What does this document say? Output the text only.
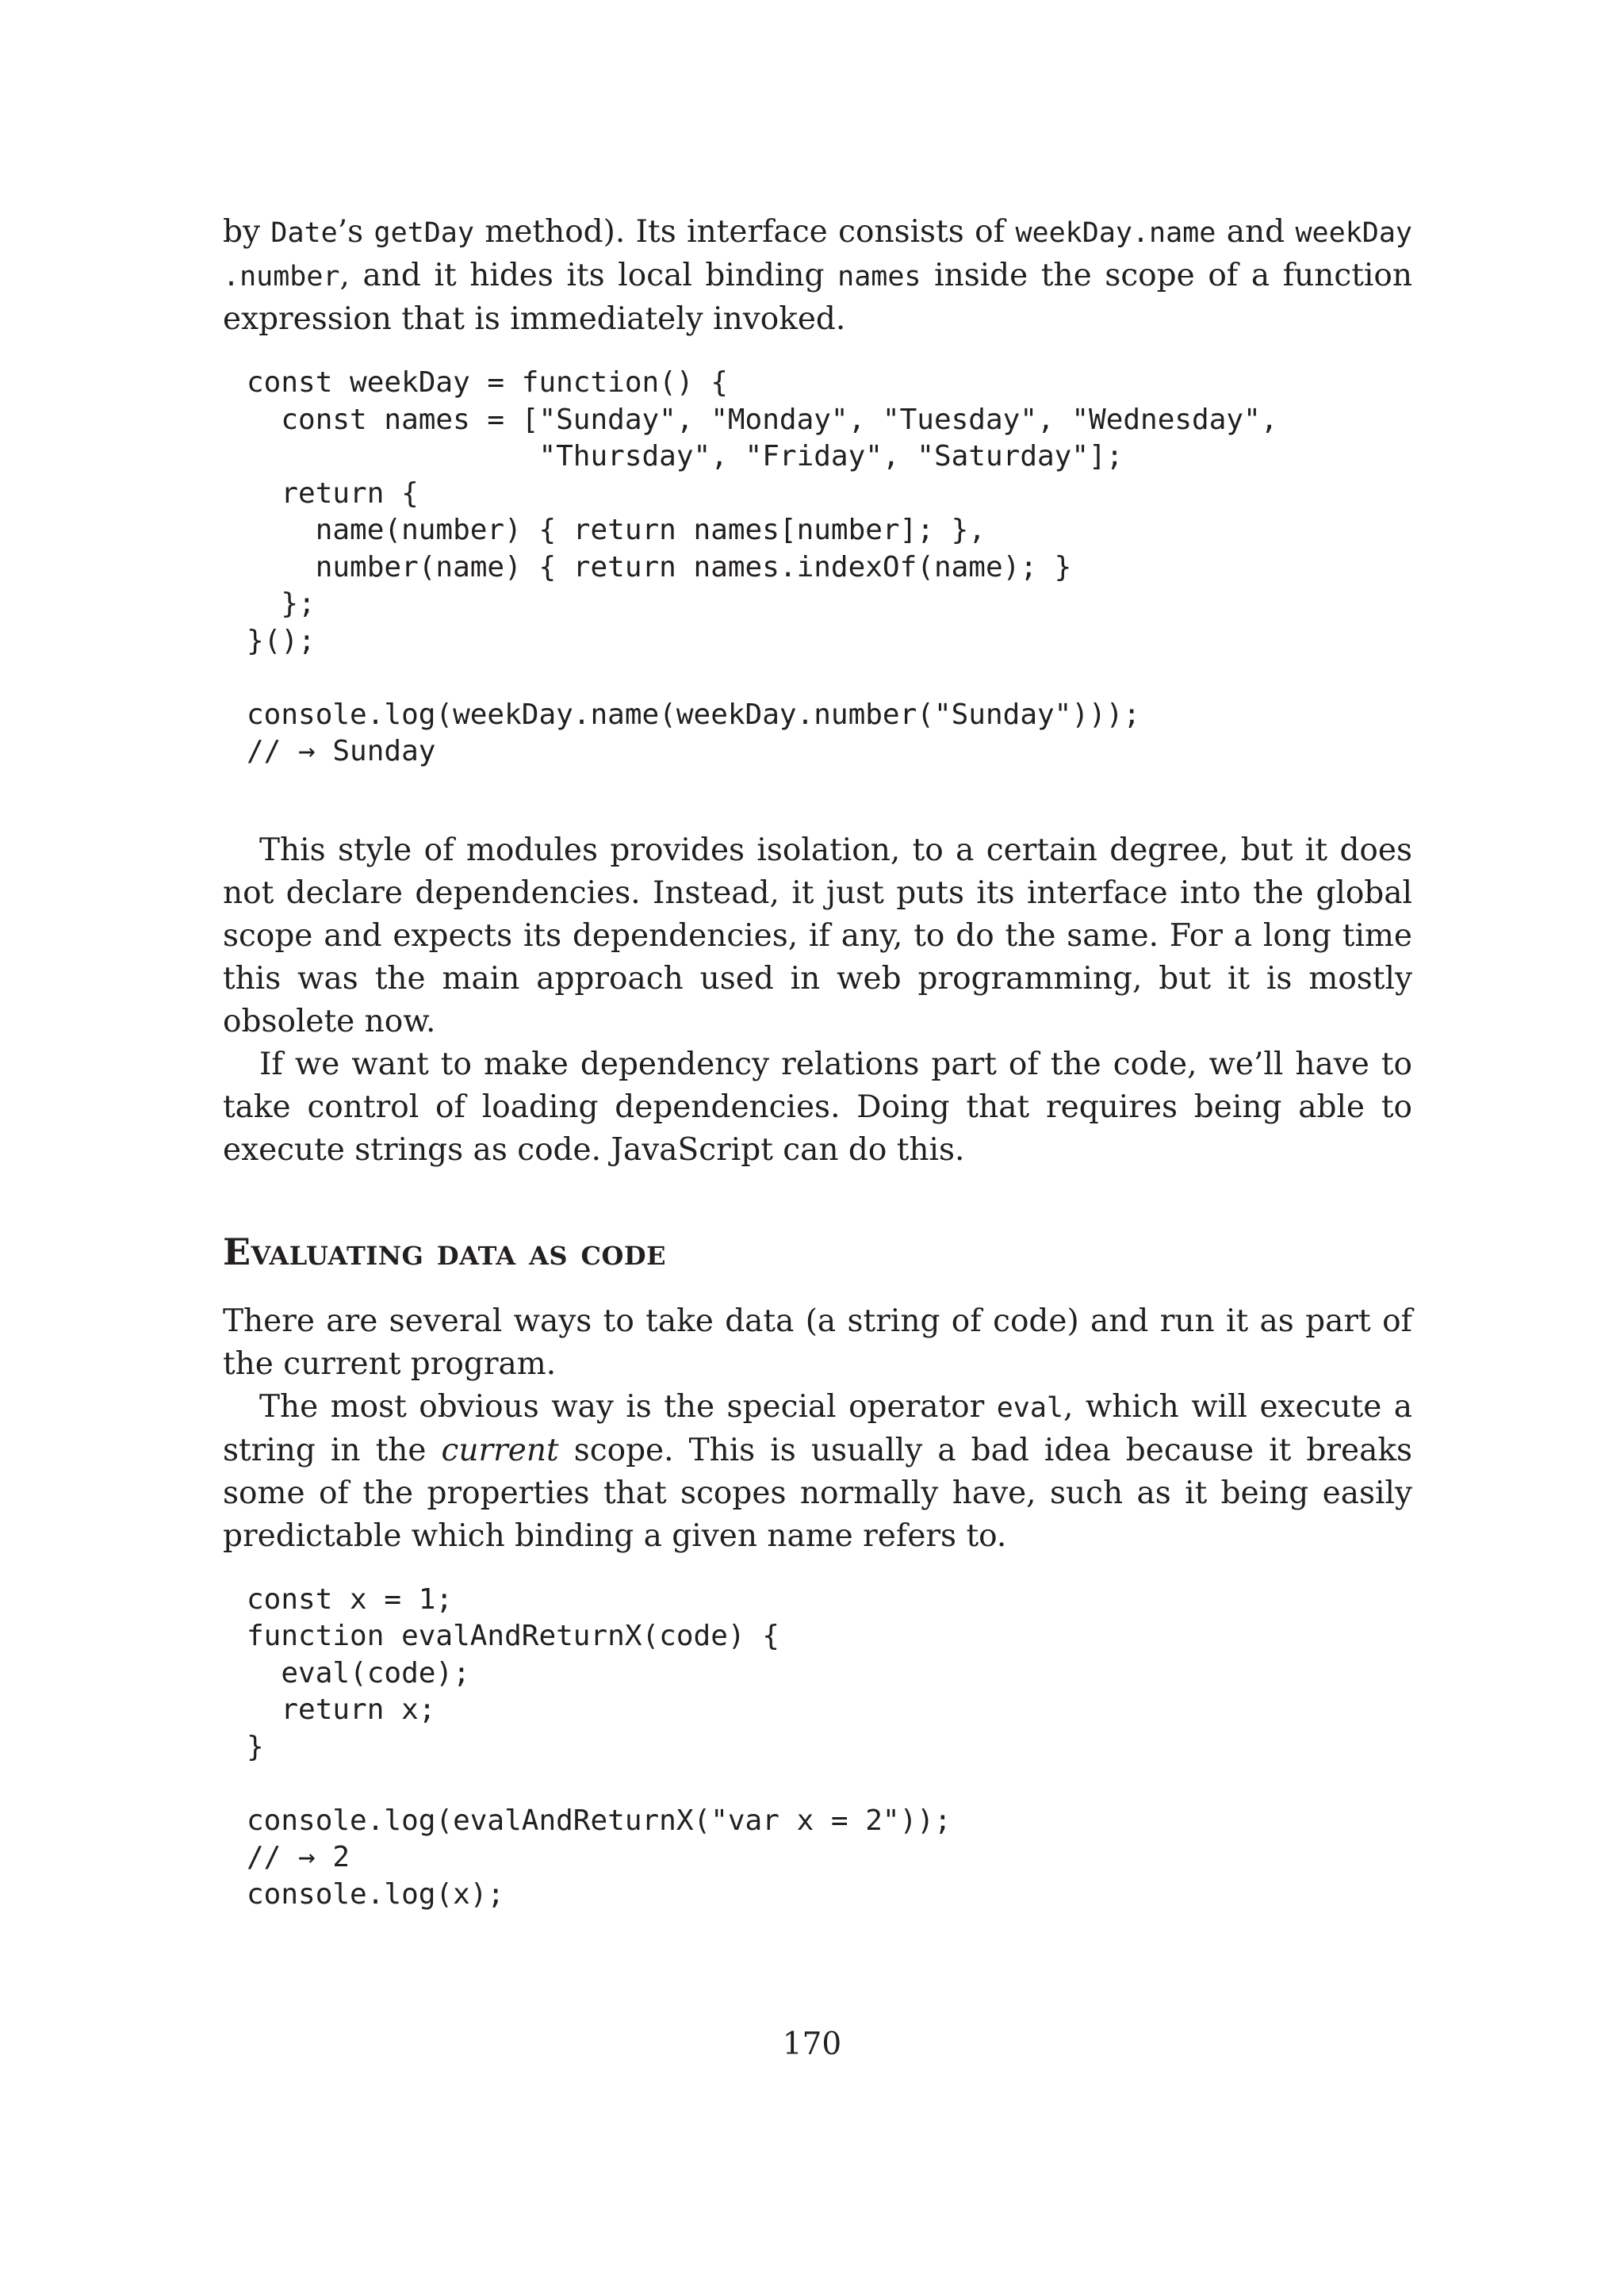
by Date’s getDay method). Its interface consists of weekDay.name and weekDay .number, and it hides its local binding names inside the scope of a function expression that is immediately invoked.

const weekDay = function() {
const names = ["Sunday", "Monday", "Tuesday", "Wednesday",
"Thursday", "Friday", "Saturday"];
return {
name(number) { return names[number]; },
number(name) { return names.indexOf(name); }
};
}();

console.log(weekDay.name(weekDay.number("Sunday")));
// → Sunday

This style of modules provides isolation, to a certain degree, but it does not declare dependencies. Instead, it just puts its interface into the global scope and expects its dependencies, if any, to do the same. For a long time this was the main approach used in web programming, but it is mostly obsolete now.

If we want to make dependency relations part of the code, we’ll have to take control of loading dependencies. Doing that requires being able to execute strings as code. JavaScript can do this.

Evaluating data as code

There are several ways to take data (a string of code) and run it as part of the current program.

The most obvious way is the special operator eval, which will execute a string in the current scope. This is usually a bad idea because it breaks some of the properties that scopes normally have, such as it being easily predictable which binding a given name refers to.

const x = 1;
function evalAndReturnX(code) {
eval(code);
return x;
}

console.log(evalAndReturnX("var x = 2"));
// → 2
console.log(x);
170
